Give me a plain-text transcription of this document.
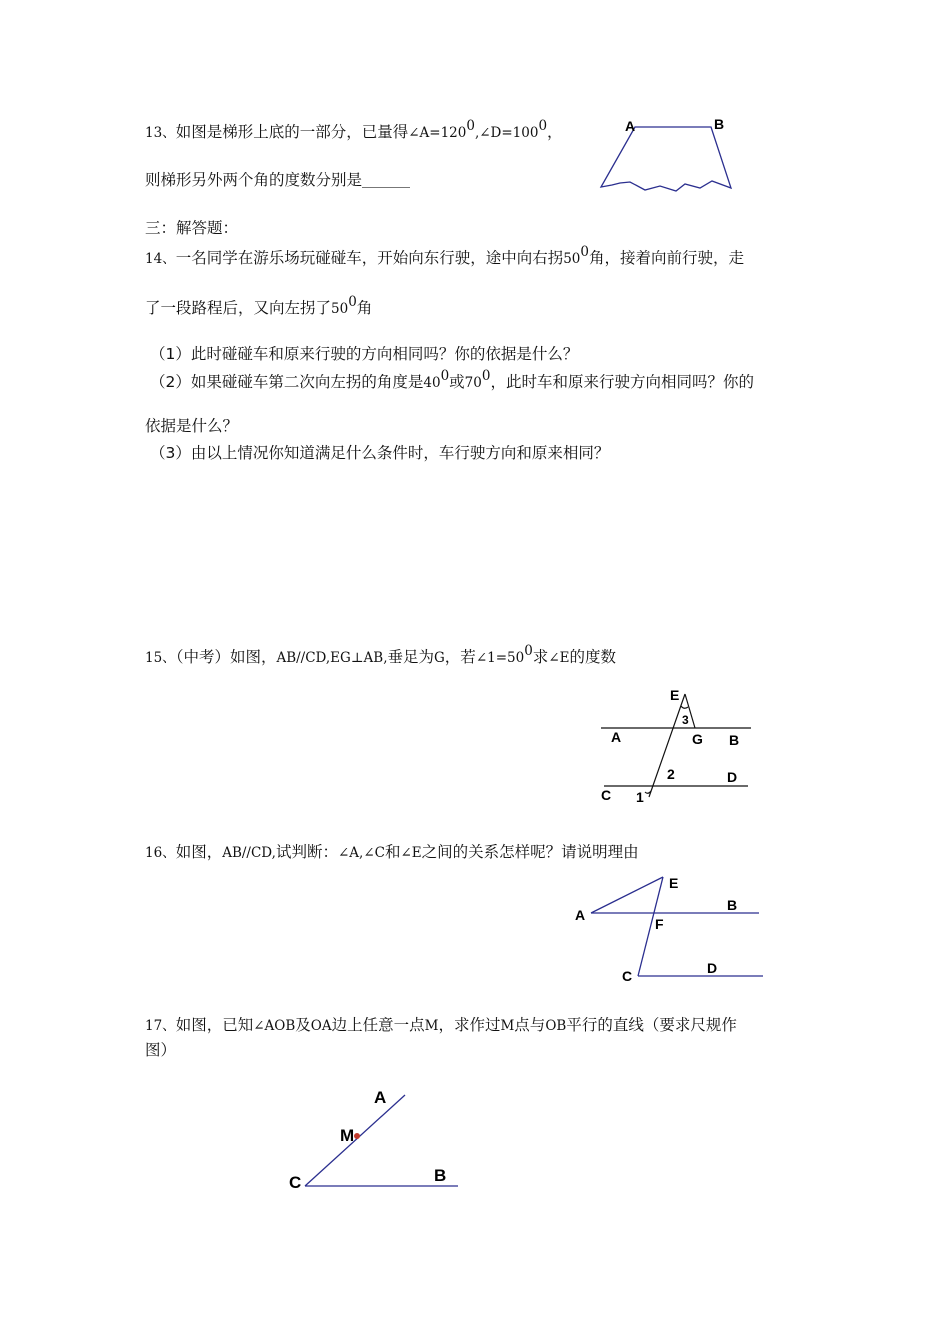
13、如图是梯形上底的一部分，已量得$\angle A=120^0,\angle D=100^0$，
则梯形另外两个角的度数分别是
三：解答题：
14、一名同学在游乐场玩碰碰车，开始向东行驶，途中向右拐$50^0$角，接着向前行驶，走
了一段路程后，又向左拐了$50^0$角
（1）此时碰碰车和原来行驶的方向相同吗？你的依据是什么？
（2）如果碰碰车第二次向左拐的角度是$40^0$或$70^0$，此时车和原来行驶方向相同吗？你的
依据是什么？
（3）由以上情况你知道满足什么条件时，车行驶方向和原来相同？
15、（中考）如图，AB//CD,EG⊥AB,垂足为G，若$\angle 1=50^0$求∠E的度数
16、如图，AB//CD,试判断：∠A,∠C和∠E之间的关系怎样呢？请说明理由
17、如图，已知∠AOB及OA边上任意一点M，求作过M点与OB平行的直线（要求尺规作
图）
A	B
E
3
A	G B
2	D
C 1
E
A
B
F
C	D
A
M
C	B
